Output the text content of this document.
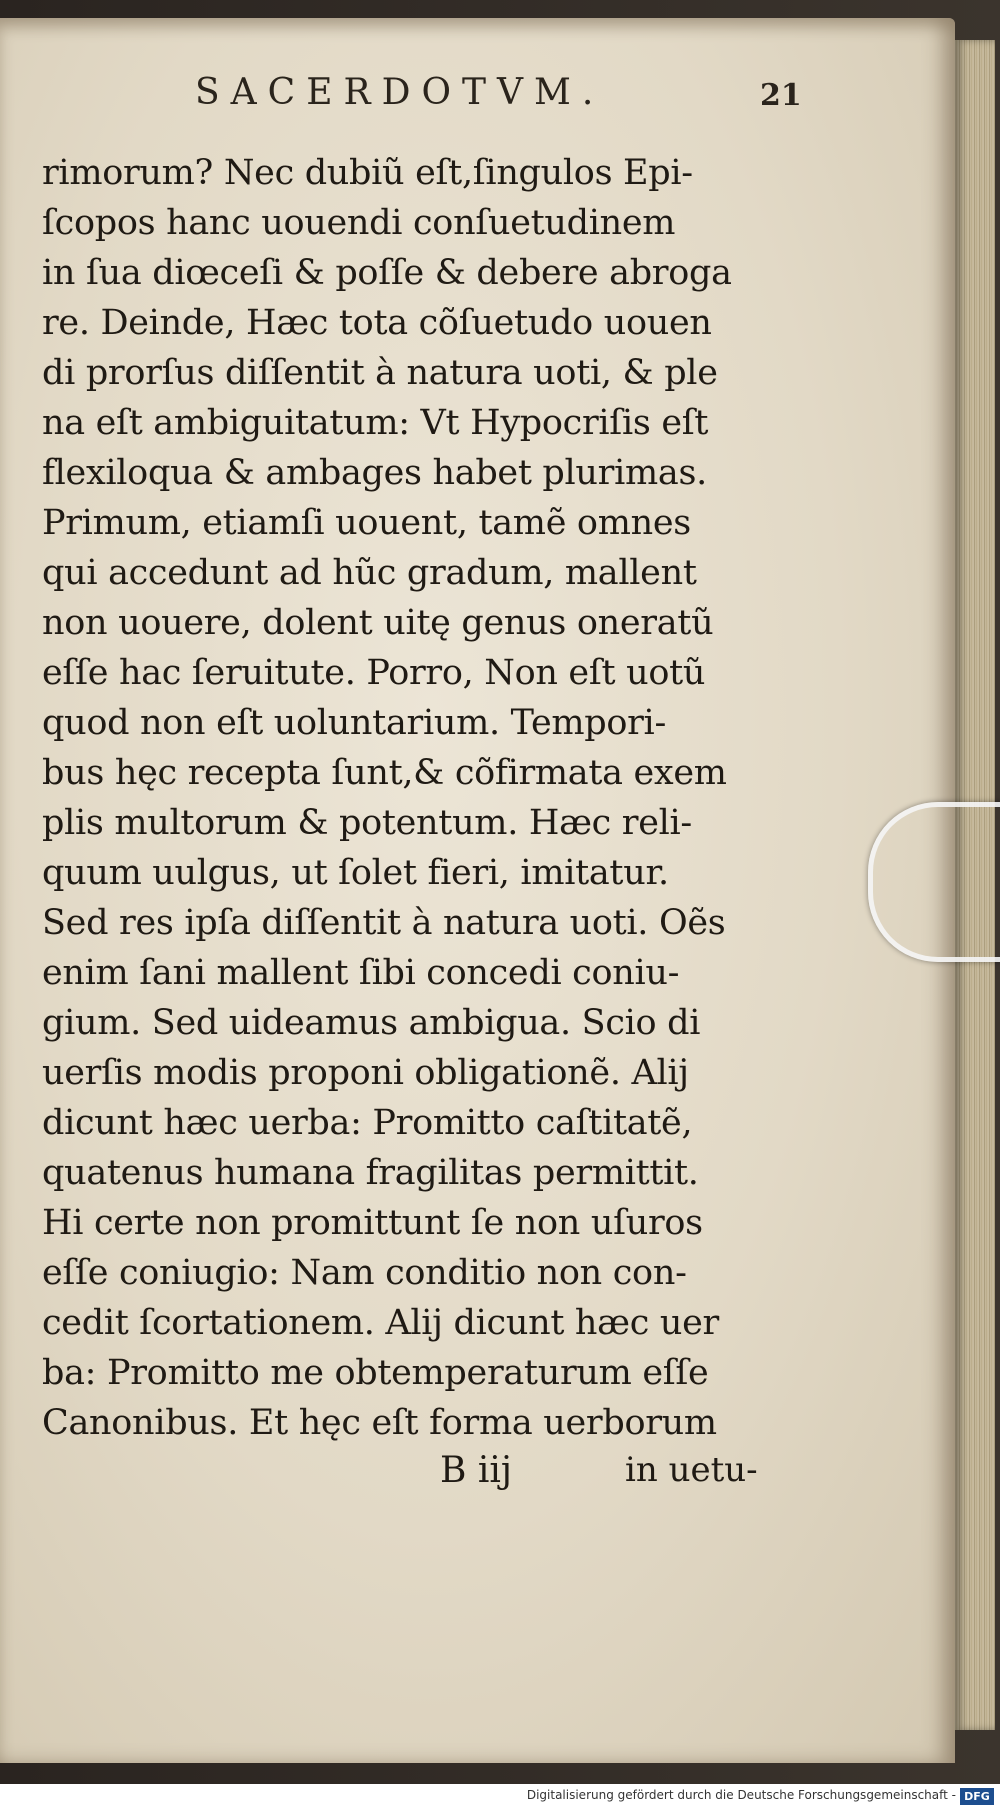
SACERDOTVM.	21
rimorum? Nec dubiũ eſt,ſingulos Epi-
ſcopos hanc uouendi conſuetudinem
in ſua diœceſi & poſſe & debere abroga
re. Deinde, Hæc tota cõſuetudo uouen
di prorſus diſſentit à natura uoti, & ple
na eſt ambiguitatum: Vt Hypocriſis eſt
flexiloqua & ambages habet plurimas.
Primum, etiamſi uouent, tamẽ omnes
qui accedunt ad hũc gradum, mallent
non uouere, dolent uitę genus oneratũ
eſſe hac ſeruitute. Porro, Non eſt uotũ
quod non eſt uoluntarium. Tempori-
bus hęc recepta ſunt,& cõfirmata exem
plis multorum & potentum. Hæc reli-
quum uulgus, ut ſolet fieri, imitatur.
Sed res ipſa diſſentit à natura uoti. Oẽs
enim ſani mallent ſibi concedi coniu-
gium. Sed uideamus ambigua. Scio di
uerſis modis proponi obligationẽ. Alij
dicunt hæc uerba: Promitto caſtitatẽ,
quatenus humana fragilitas permittit.
Hi certe non promittunt ſe non uſuros
eſſe coniugio: Nam conditio non con-
cedit ſcortationem. Alij dicunt hæc uer
ba: Promitto me obtemperaturum eſſe
Canonibus. Et hęc eſt forma uerborum
B iij	in uetu-
Digitalisierung gefördert durch die Deutsche Forschungsgemeinschaft - DFG
